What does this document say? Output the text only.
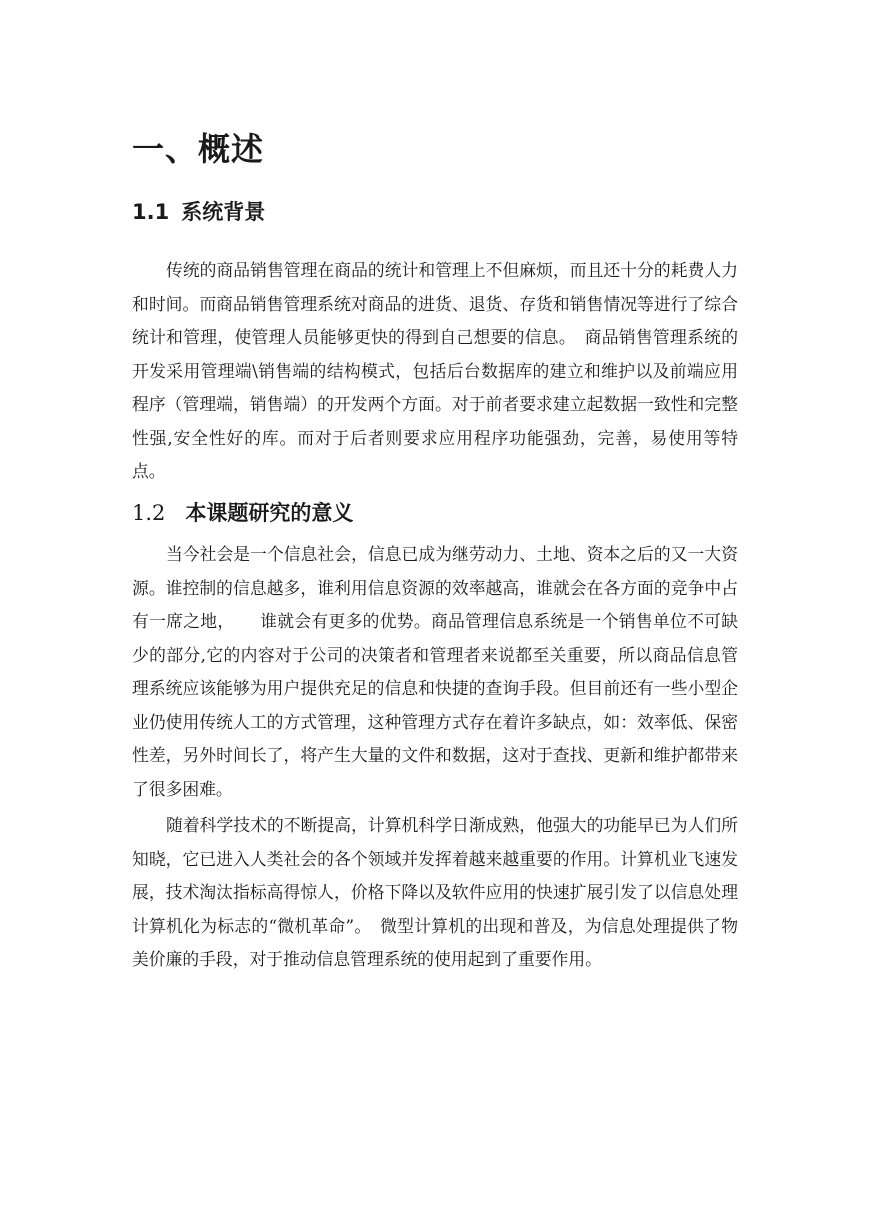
一、概述
1.1 系统背景

传统的商品销售管理在商品的统计和管理上不但麻烦，而且还十分的耗费人力和时间。而商品销售管理系统对商品的进货、退货、存货和销售情况等进行了综合统计和管理，使管理人员能够更快的得到自己想要的信息。　商品销售管理系统的开发采用管理端\销售端的结构模式，包括后台数据库的建立和维护以及前端应用程序（管理端，销售端）的开发两个方面。对于前者要求建立起数据一致性和完整性强,安全性好的库。而对于后者则要求应用程序功能强劲，完善，易使用等特点。

1.2 本课题研究的意义

当今社会是一个信息社会，信息已成为继劳动力、土地、资本之后的又一大资源。谁控制的信息越多，谁利用信息资源的效率越高，谁就会在各方面的竞争中占有一席之地，　　谁就会有更多的优势。商品管理信息系统是一个销售单位不可缺少的部分,它的内容对于公司的决策者和管理者来说都至关重要，所以商品信息管理系统应该能够为用户提供充足的信息和快捷的查询手段。但目前还有一些小型企业仍使用传统人工的方式管理，这种管理方式存在着许多缺点，如：效率低、保密性差，另外时间长了，将产生大量的文件和数据，这对于查找、更新和维护都带来了很多困难。

随着科学技术的不断提高，计算机科学日渐成熟，他强大的功能早已为人们所知晓，它已进入人类社会的各个领域并发挥着越来越重要的作用。计算机业飞速发展，技术淘汰指标高得惊人，价格下降以及软件应用的快速扩展引发了以信息处理计算机化为标志的“微机革命”。　微型计算机的出现和普及，为信息处理提供了物美价廉的手段，对于推动信息管理系统的使用起到了重要作用。
